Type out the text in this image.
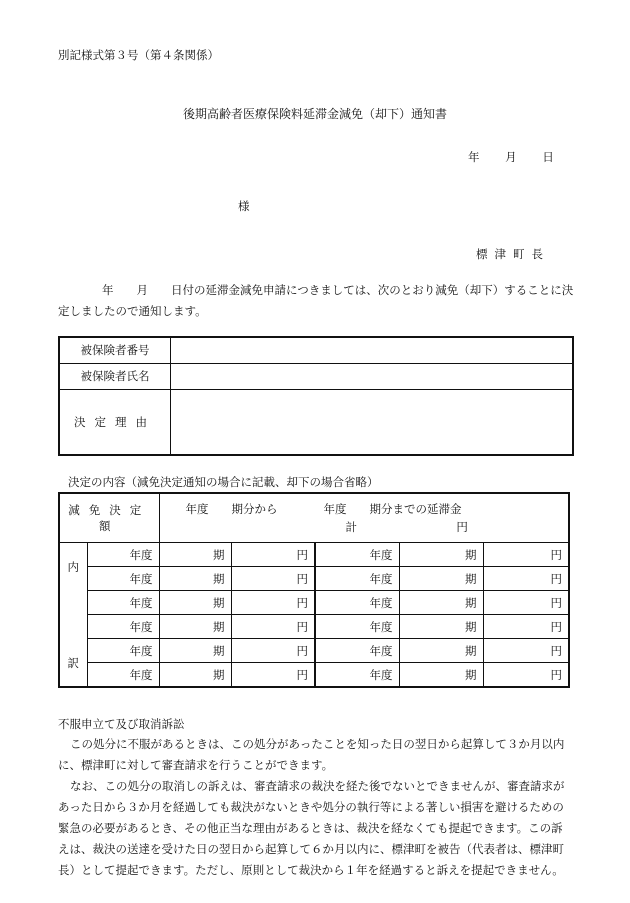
別記様式第３号（第４条関係）
後期高齢者医療保険料延滞金減免（却下）通知書
年 月 日
様
標津町長
年　　月　　日付の延滞金減免申請につきましては、次のとおり減免（却下）することに決定しましたので通知します。
被保険者番号	
被保険者氏名	
決定理由	
決定の内容（減免決定通知の場合に記載、却下の場合省略）
減免決定額		年度　　期分から　　　　年度　　期分までの延滞金
計 円				

内
訳	年度	期	円	年度	期	円
	年度	期	円	年度	期	円
	年度	期	円	年度	期	円
	年度	期	円	年度	期	円
	年度	期	円	年度	期	円
	年度	期	円	年度	期	円
不服申立て及び取消訴訟

この処分に不服があるときは、この処分があったことを知った日の翌日から起算して３か月以内に、標津町に対して審査請求を行うことができます。

なお、この処分の取消しの訴えは、審査請求の裁決を経た後でないとできませんが、審査請求があった日から３か月を経過しても裁決がないときや処分の執行等による著しい損害を避けるための緊急の必要があるとき、その他正当な理由があるときは、裁決を経なくても提起できます。この訴えは、裁決の送達を受けた日の翌日から起算して６か月以内に、標津町を被告（代表者は、標津町長）として提起できます。ただし、原則として裁決から１年を経過すると訴えを提起できません。
